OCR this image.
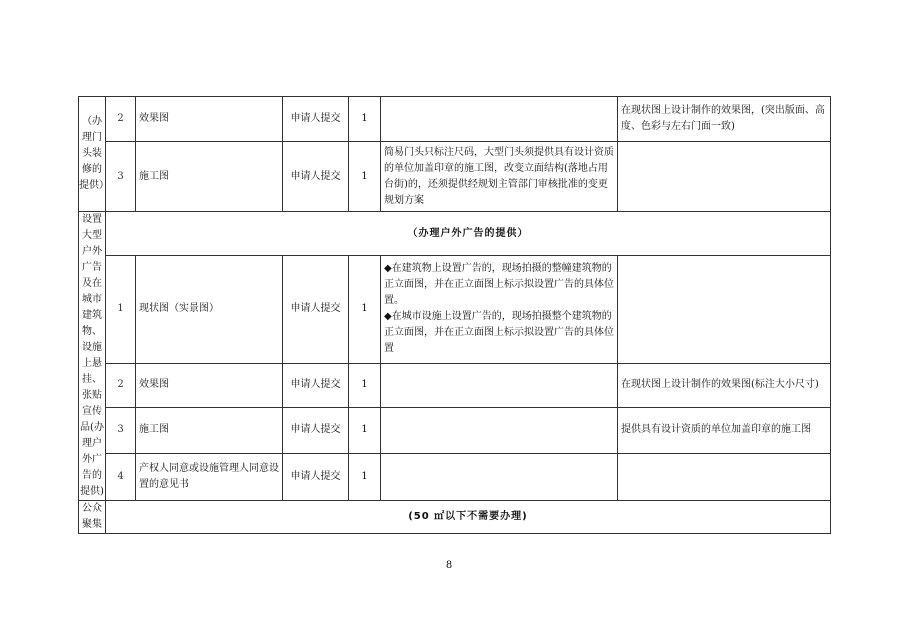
（办理门头装修的提供）	2	效果图	申请人提交	1		在现状图上设计制作的效果图，(突出版面、高度、色彩与左右门面一致)
	3	施工图	申请人提交	1	简易门头只标注尺码，大型门头须提供具有设计资质的单位加盖印章的施工图，改变立面结构(落地占用台街)的，还须提供经规划主管部门审核批准的变更规划方案	
设置大型户外广告及在城市建筑物、设施上悬挂、张贴宣传品(办理户外广告的提供)	（办理户外广告的提供）					
	1	现状图（实景图）	申请人提交	1	◆在建筑物上设置广告的，现场拍摄的整幢建筑物的正立面图，并在正立面图上标示拟设置广告的具体位置。
◆在城市设施上设置广告的，现场拍摄整个建筑物的正立面图，并在正立面图上标示拟设置广告的具体位置	

	2	效果图	申请人提交	1		在现状图上设计制作的效果图(标注大小尺寸)
	3	施工图	申请人提交	1		提供具有设计资质的单位加盖印章的施工图
	4	产权人同意或设施管理人同意设置的意见书	申请人提交	1		
公众聚集	(50 ㎡以下不需要办理)					
8
